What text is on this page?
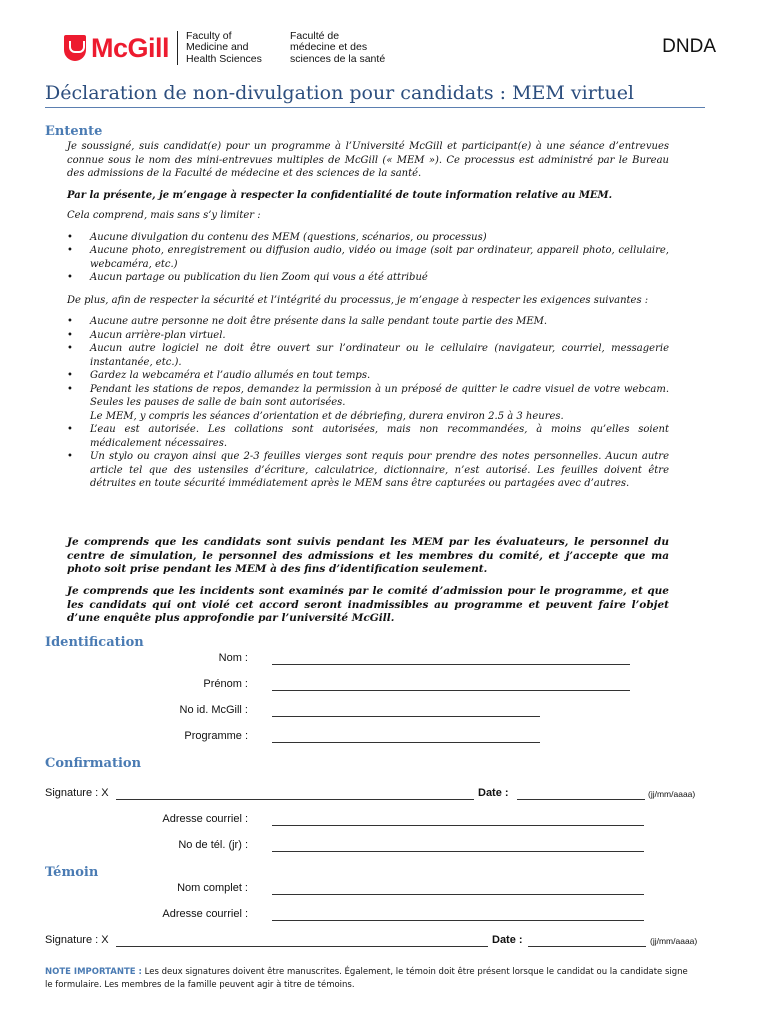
McGill Faculty of
Medicine and
Health Sciences
Faculté de
médecine et des
sciences de la santé
DNDA
Déclaration de non-divulgation pour candidats : MEM virtuel
Entente

Je soussigné, suis candidat(e) pour un programme à l’Université McGill et participant(e) à une séance d’entrevues connue sous le nom des mini-entrevues multiples de McGill (« MEM »). Ce processus est administré par le Bureau des admissions de la Faculté de médecine et des sciences de la santé.

Par la présente, je m’engage à respecter la confidentialité de toute information relative au MEM.

Cela comprend, mais sans s’y limiter :

• Aucune divulgation du contenu des MEM (questions, scénarios, ou processus)
• Aucune photo, enregistrement ou diffusion audio, vidéo ou image (soit par ordinateur, appareil photo, cellulaire, webcaméra, etc.)
• Aucun partage ou publication du lien Zoom qui vous a été attribué

De plus, afin de respecter la sécurité et l’intégrité du processus, je m’engage à respecter les exigences suivantes :

• Aucune autre personne ne doit être présente dans la salle pendant toute partie des MEM.
• Aucun arrière-plan virtuel.
• Aucun autre logiciel ne doit être ouvert sur l’ordinateur ou le cellulaire (navigateur, courriel, messagerie instantanée, etc.).
• Gardez la webcaméra et l’audio allumés en tout temps.
• Pendant les stations de repos, demandez la permission à un préposé de quitter le cadre visuel de votre webcam. Seules les pauses de salle de bain sont autorisées.
Le MEM, y compris les séances d’orientation et de débriefing, durera environ 2.5 à 3 heures.
• L’eau est autorisée. Les collations sont autorisées, mais non recommandées, à moins qu’elles soient médicalement nécessaires.
• Un stylo ou crayon ainsi que 2-3 feuilles vierges sont requis pour prendre des notes personnelles. Aucun autre article tel que des ustensiles d’écriture, calculatrice, dictionnaire, n’est autorisé. Les feuilles doivent être détruites en toute sécurité immédiatement après le MEM sans être capturées ou partagées avec d’autres.
Je comprends que les candidats sont suivis pendant les MEM par les évaluateurs, le personnel du centre de simulation, le personnel des admissions et les membres du comité, et j’accepte que ma photo soit prise pendant les MEM à des fins d’identification seulement.
Je comprends que les incidents sont examinés par le comité d’admission pour le programme, et que les candidats qui ont violé cet accord seront inadmissibles au programme et peuvent faire l’objet d’une enquête plus approfondie par l’université McGill.
Identification
Nom :
Prénom :
No id. McGill :
Programme :
Confirmation
Signature : X	Date :	(jj/mm/aaaa)
Adresse courriel :
No de tél. (jr) :
Témoin
Nom complet :
Adresse courriel :
Signature : X	Date :	(jj/mm/aaaa)
NOTE IMPORTANTE : Les deux signatures doivent être manuscrites. Également, le témoin doit être présent lorsque le candidat ou la candidate signe le formulaire. Les membres de la famille peuvent agir à titre de témoins.
